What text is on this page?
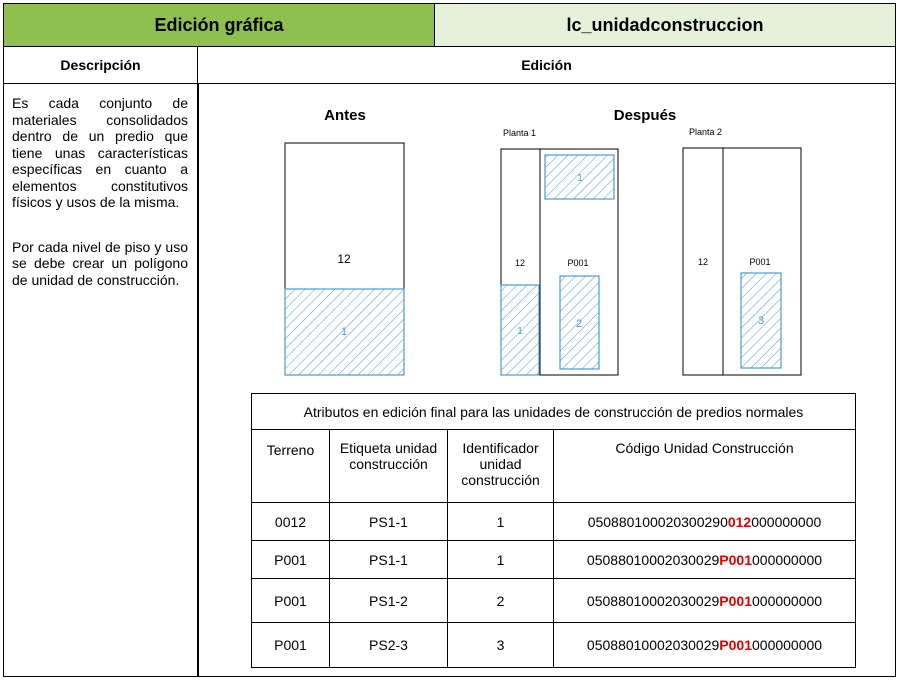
Edición gráfica	lc_unidadconstruccion
Descripción	Edición

Es cada conjunto de materiales consolidados dentro de un predio que tiene unas características específicas en cuanto a elementos constitutivos físicos y usos de la misma.

Por cada nivel de piso y uso se debe crear un polígono de unidad de construcción.

Antes	Después
12
1
Planta 1
12	P001
1
1
2
Planta 2
12	P001
3
Atributos en edición final para las unidades de construcción de predios normales			
Terreno	Etiqueta unidad construcción	Identificador unidad construcción	Código Unidad Construcción
0012	PS1-1	1	050880100020300290012000000000
P001	PS1-1	1	05088010002030029P001000000000
P001	PS1-2	2	05088010002030029P001000000000
P001	PS2-3	3	05088010002030029P001000000000
